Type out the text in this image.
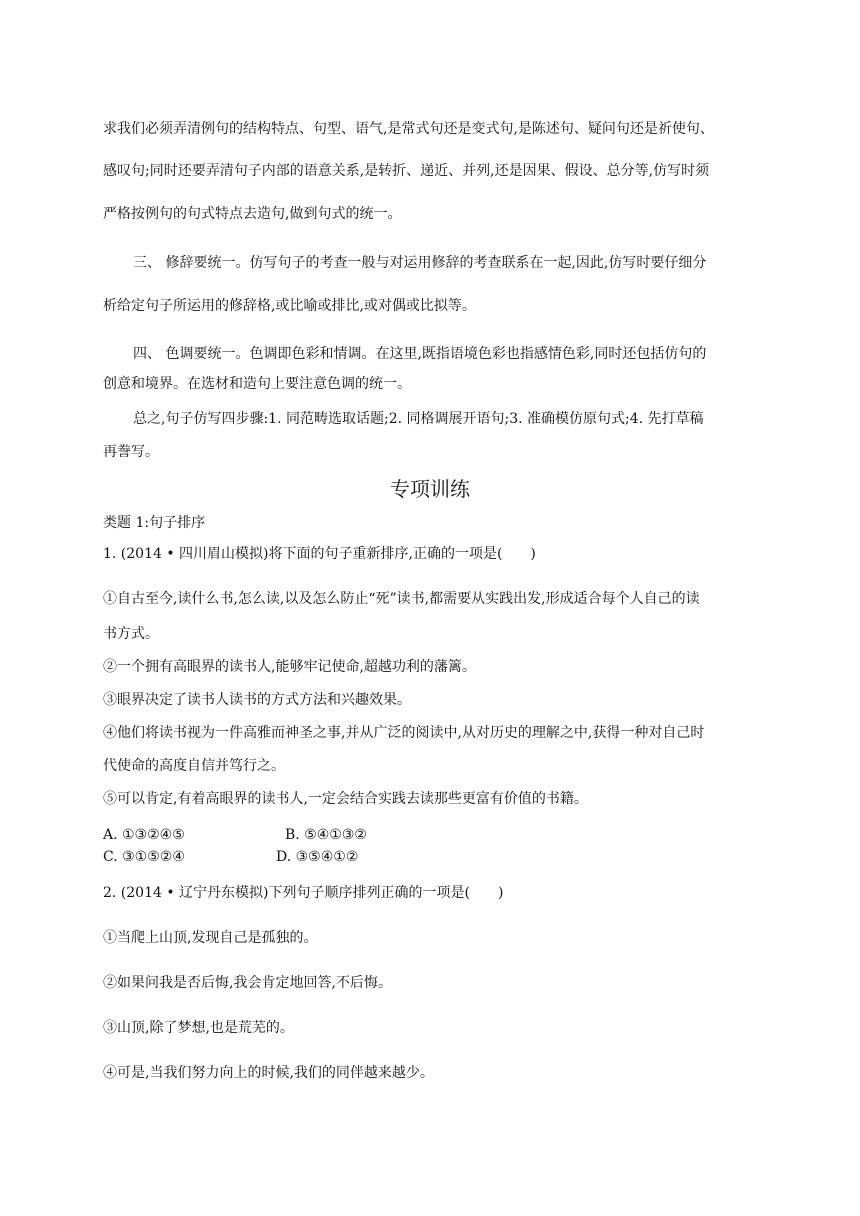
求我们必须弄清例句的结构特点、句型、语气,是常式句还是变式句,是陈述句、疑问句还是祈使句、
感叹句;同时还要弄清句子内部的语意关系,是转折、递近、并列,还是因果、假设、总分等,仿写时须
严格按例句的句式特点去造句,做到句式的统一。
三、 修辞要统一。仿写句子的考查一般与对运用修辞的考查联系在一起,因此,仿写时要仔细分
析给定句子所运用的修辞格,或比喻或排比,或对偶或比拟等。
四、 色调要统一。色调即色彩和情调。在这里,既指语境色彩也指感情色彩,同时还包括仿句的
创意和境界。在选材和造句上要注意色调的统一。
总之,句子仿写四步骤:1. 同范畴选取话题;2. 同格调展开语句;3. 准确模仿原句式;4. 先打草稿
再誊写。
专项训练
类题 1:句子排序
1. (2014 • 四川眉山模拟)将下面的句子重新排序,正确的一项是(　　)
①自古至今,读什么书,怎么读,以及怎么防止“死”读书,都需要从实践出发,形成适合每个人自己的读
书方式。
②一个拥有高眼界的读书人,能够牢记使命,超越功利的藩篱。
③眼界决定了读书人读书的方式方法和兴趣效果。
④他们将读书视为一件高雅而神圣之事,并从广泛的阅读中,从对历史的理解之中,获得一种对自己时
代使命的高度自信并笃行之。
⑤可以肯定,有着高眼界的读书人,一定会结合实践去读那些更富有价值的书籍。
A. ①③②④⑤	B. ⑤④①③②
C. ③①⑤②④	D. ③⑤④①②
2. (2014 • 辽宁丹东模拟)下列句子顺序排列正确的一项是(　　)
①当爬上山顶,发现自己是孤独的。
②如果问我是否后悔,我会肯定地回答,不后悔。
③山顶,除了梦想,也是荒芜的。
④可是,当我们努力向上的时候,我们的同伴越来越少。
